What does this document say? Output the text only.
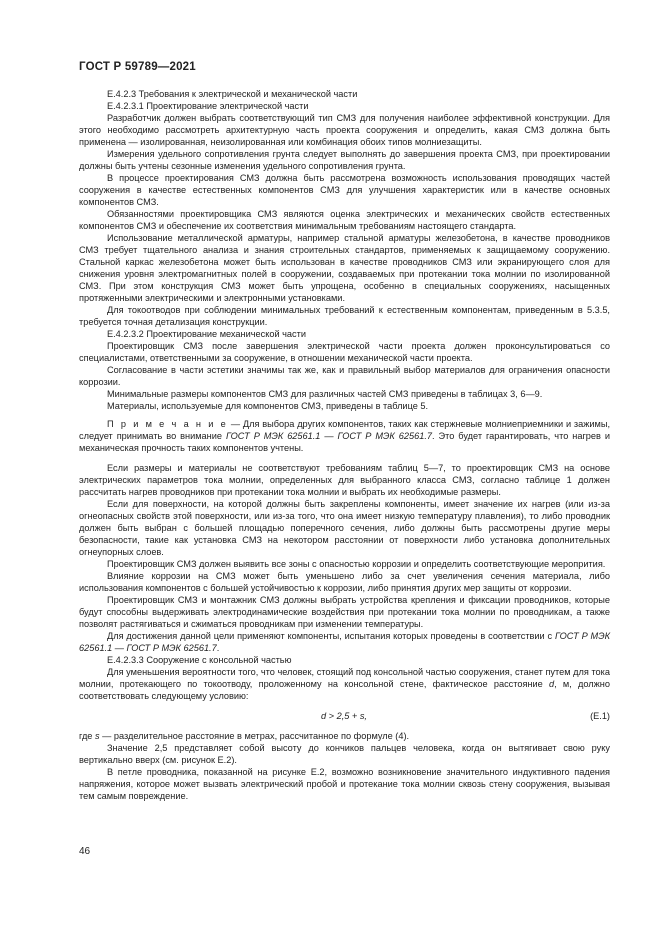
ГОСТ Р 59789—2021

Е.4.2.3 Требования к электрической и механической части

Е.4.2.3.1 Проектирование электрической части

Разработчик должен выбрать соответствующий тип СМЗ для получения наиболее эффективной конструкции. Для этого необходимо рассмотреть архитектурную часть проекта сооружения и определить, какая СМЗ должна быть применена — изолированная, неизолированная или комбинация обоих типов молниезащиты.

Измерения удельного сопротивления грунта следует выполнять до завершения проекта СМЗ, при проектировании должны быть учтены сезонные изменения удельного сопротивления грунта.

В процессе проектирования СМЗ должна быть рассмотрена возможность использования проводящих частей сооружения в качестве естественных компонентов СМЗ для улучшения характеристик или в качестве основных компонентов СМЗ.

Обязанностями проектировщика СМЗ являются оценка электрических и механических свойств естественных компонентов СМЗ и обеспечение их соответствия минимальным требованиям настоящего стандарта.

Использование металлической арматуры, например стальной арматуры железобетона, в качестве проводников СМЗ требует тщательного анализа и знания строительных стандартов, применяемых к защищаемому сооружению. Стальной каркас железобетона может быть использован в качестве проводников СМЗ или экранирующего слоя для снижения уровня электромагнитных полей в сооружении, создаваемых при протекании тока молнии по изолированной СМЗ. При этом конструкция СМЗ может быть упрощена, особенно в специальных сооружениях, насыщенных протяженными электрическими и электронными установками.

Для токоотводов при соблюдении минимальных требований к естественным компонентам, приведенным в 5.3.5, требуется точная детализация конструкции.

Е.4.2.3.2 Проектирование механической части

Проектировщик СМЗ после завершения электрической части проекта должен проконсультироваться со специалистами, ответственными за сооружение, в отношении механической части проекта.

Согласование в части эстетики значимы так же, как и правильный выбор материалов для ограничения опасности коррозии.

Минимальные размеры компонентов СМЗ для различных частей СМЗ приведены в таблицах 3, 6—9.

Материалы, используемые для компонентов СМЗ, приведены в таблице 5.

П р и м е ч а н и е — Для выбора других компонентов, таких как стержневые молниеприемники и зажимы, следует принимать во внимание ГОСТ Р МЭК 62561.1 — ГОСТ Р МЭК 62561.7. Это будет гарантировать, что нагрев и механическая прочность таких компонентов учтены.

Если размеры и материалы не соответствуют требованиям таблиц 5—7, то проектировщик СМЗ на основе электрических параметров тока молнии, определенных для выбранного класса СМЗ, согласно таблице 1 должен рассчитать нагрев проводников при протекании тока молнии и выбрать их необходимые размеры.

Если для поверхности, на которой должны быть закреплены компоненты, имеет значение их нагрев (или из-за огнеопасных свойств этой поверхности, или из-за того, что она имеет низкую температуру плавления), то либо проводник должен быть выбран с большей площадью поперечного сечения, либо должны быть рассмотрены другие меры безопасности, такие как установка СМЗ на некотором расстоянии от поверхности либо установка дополнительных огнеупорных слоев.

Проектировщик СМЗ должен выявить все зоны с опасностью коррозии и определить соответствующие меропрития.

Влияние коррозии на СМЗ может быть уменьшено либо за счет увеличения сечения материала, либо использования компонентов с большей устойчивостью к коррозии, либо принятия других мер защиты от коррозии.

Проектировщик СМЗ и монтажник СМЗ должны выбрать устройства крепления и фиксации проводников, которые будут способны выдерживать электродинамические воздействия при протекании тока молнии по проводникам, а также позволят растягиваться и сжиматься проводникам при изменении температуры.

Для достижения данной цели применяют компоненты, испытания которых проведены в соответствии с ГОСТ Р МЭК 62561.1 — ГОСТ Р МЭК 62561.7.

Е.4.2.3.3 Сооружение с консольной частью

Для уменьшения вероятности того, что человек, стоящий под консольной частью сооружения, станет путем для тока молнии, протекающего по токоотводу, проложенному на консольной стене, фактическое расстояние d, м, должно соответствовать следующему условию:

d > 2,5 + s,	(Е.1)

где s — разделительное расстояние в метрах, рассчитанное по формуле (4).

Значение 2,5 представляет собой высоту до кончиков пальцев человека, когда он вытягивает свою руку вертикально вверх (см. рисунок Е.2).

В петле проводника, показанной на рисунке Е.2, возможно возникновение значительного индуктивного падения напряжения, которое может вызвать электрический пробой и протекание тока молнии сквозь стену сооружения, вызывая тем самым повреждение.

46
